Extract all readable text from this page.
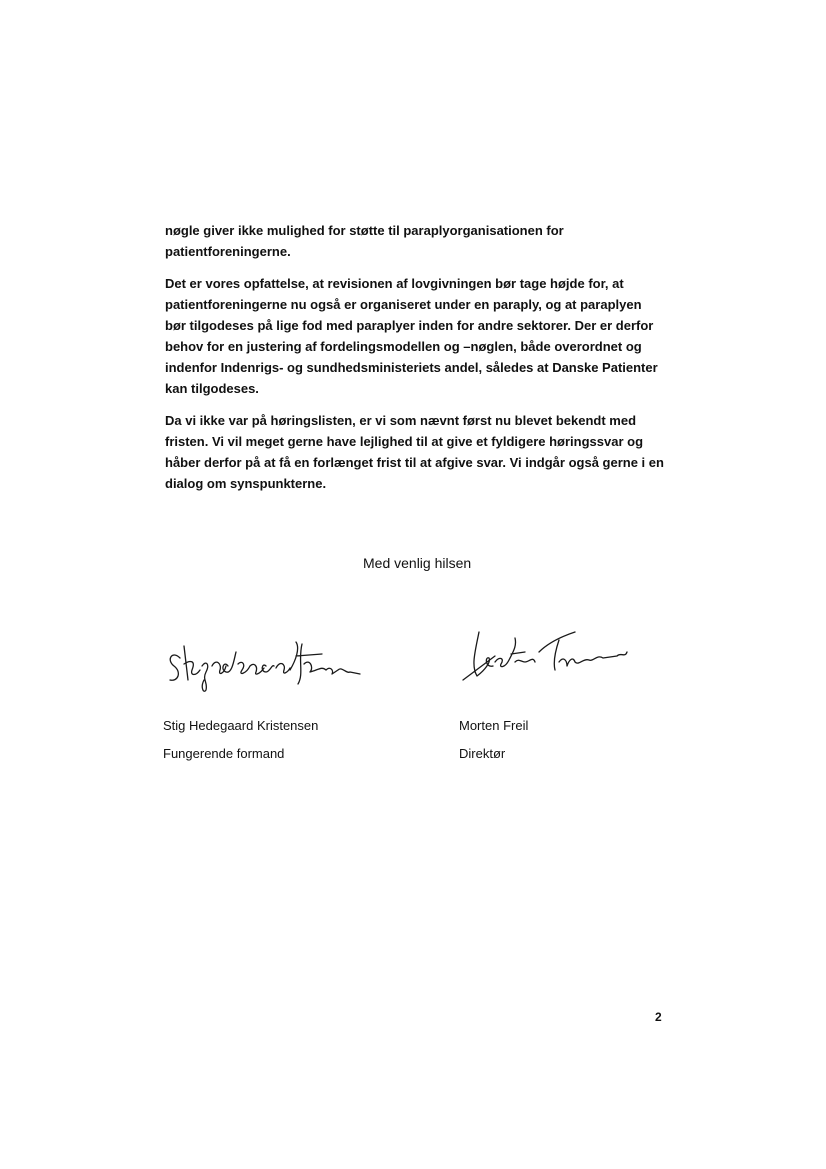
nøgle giver ikke mulighed for støtte til paraplyorganisationen for patientforeningerne.

Det er vores opfattelse, at revisionen af lovgivningen bør tage højde for, at patientforeningerne nu også er organiseret under en paraply, og at paraplyen bør tilgodeses på lige fod med paraplyer inden for andre sektorer. Der er derfor behov for en justering af fordelingsmodellen og –nøglen, både overordnet og indenfor Indenrigs- og sundhedsministeriets andel, således at Danske Patienter kan tilgodeses.

Da vi ikke var på høringslisten, er vi som nævnt først nu blevet bekendt med fristen. Vi vil meget gerne have lejlighed til at give et fyldigere høringssvar og håber derfor på at få en forlænget frist til at afgive svar. Vi indgår også gerne i en dialog om synspunkterne.

Med venlig hilsen
Stig Hedegaard Kristensen
Fungerende formand
Morten Freil
Direktør
2
